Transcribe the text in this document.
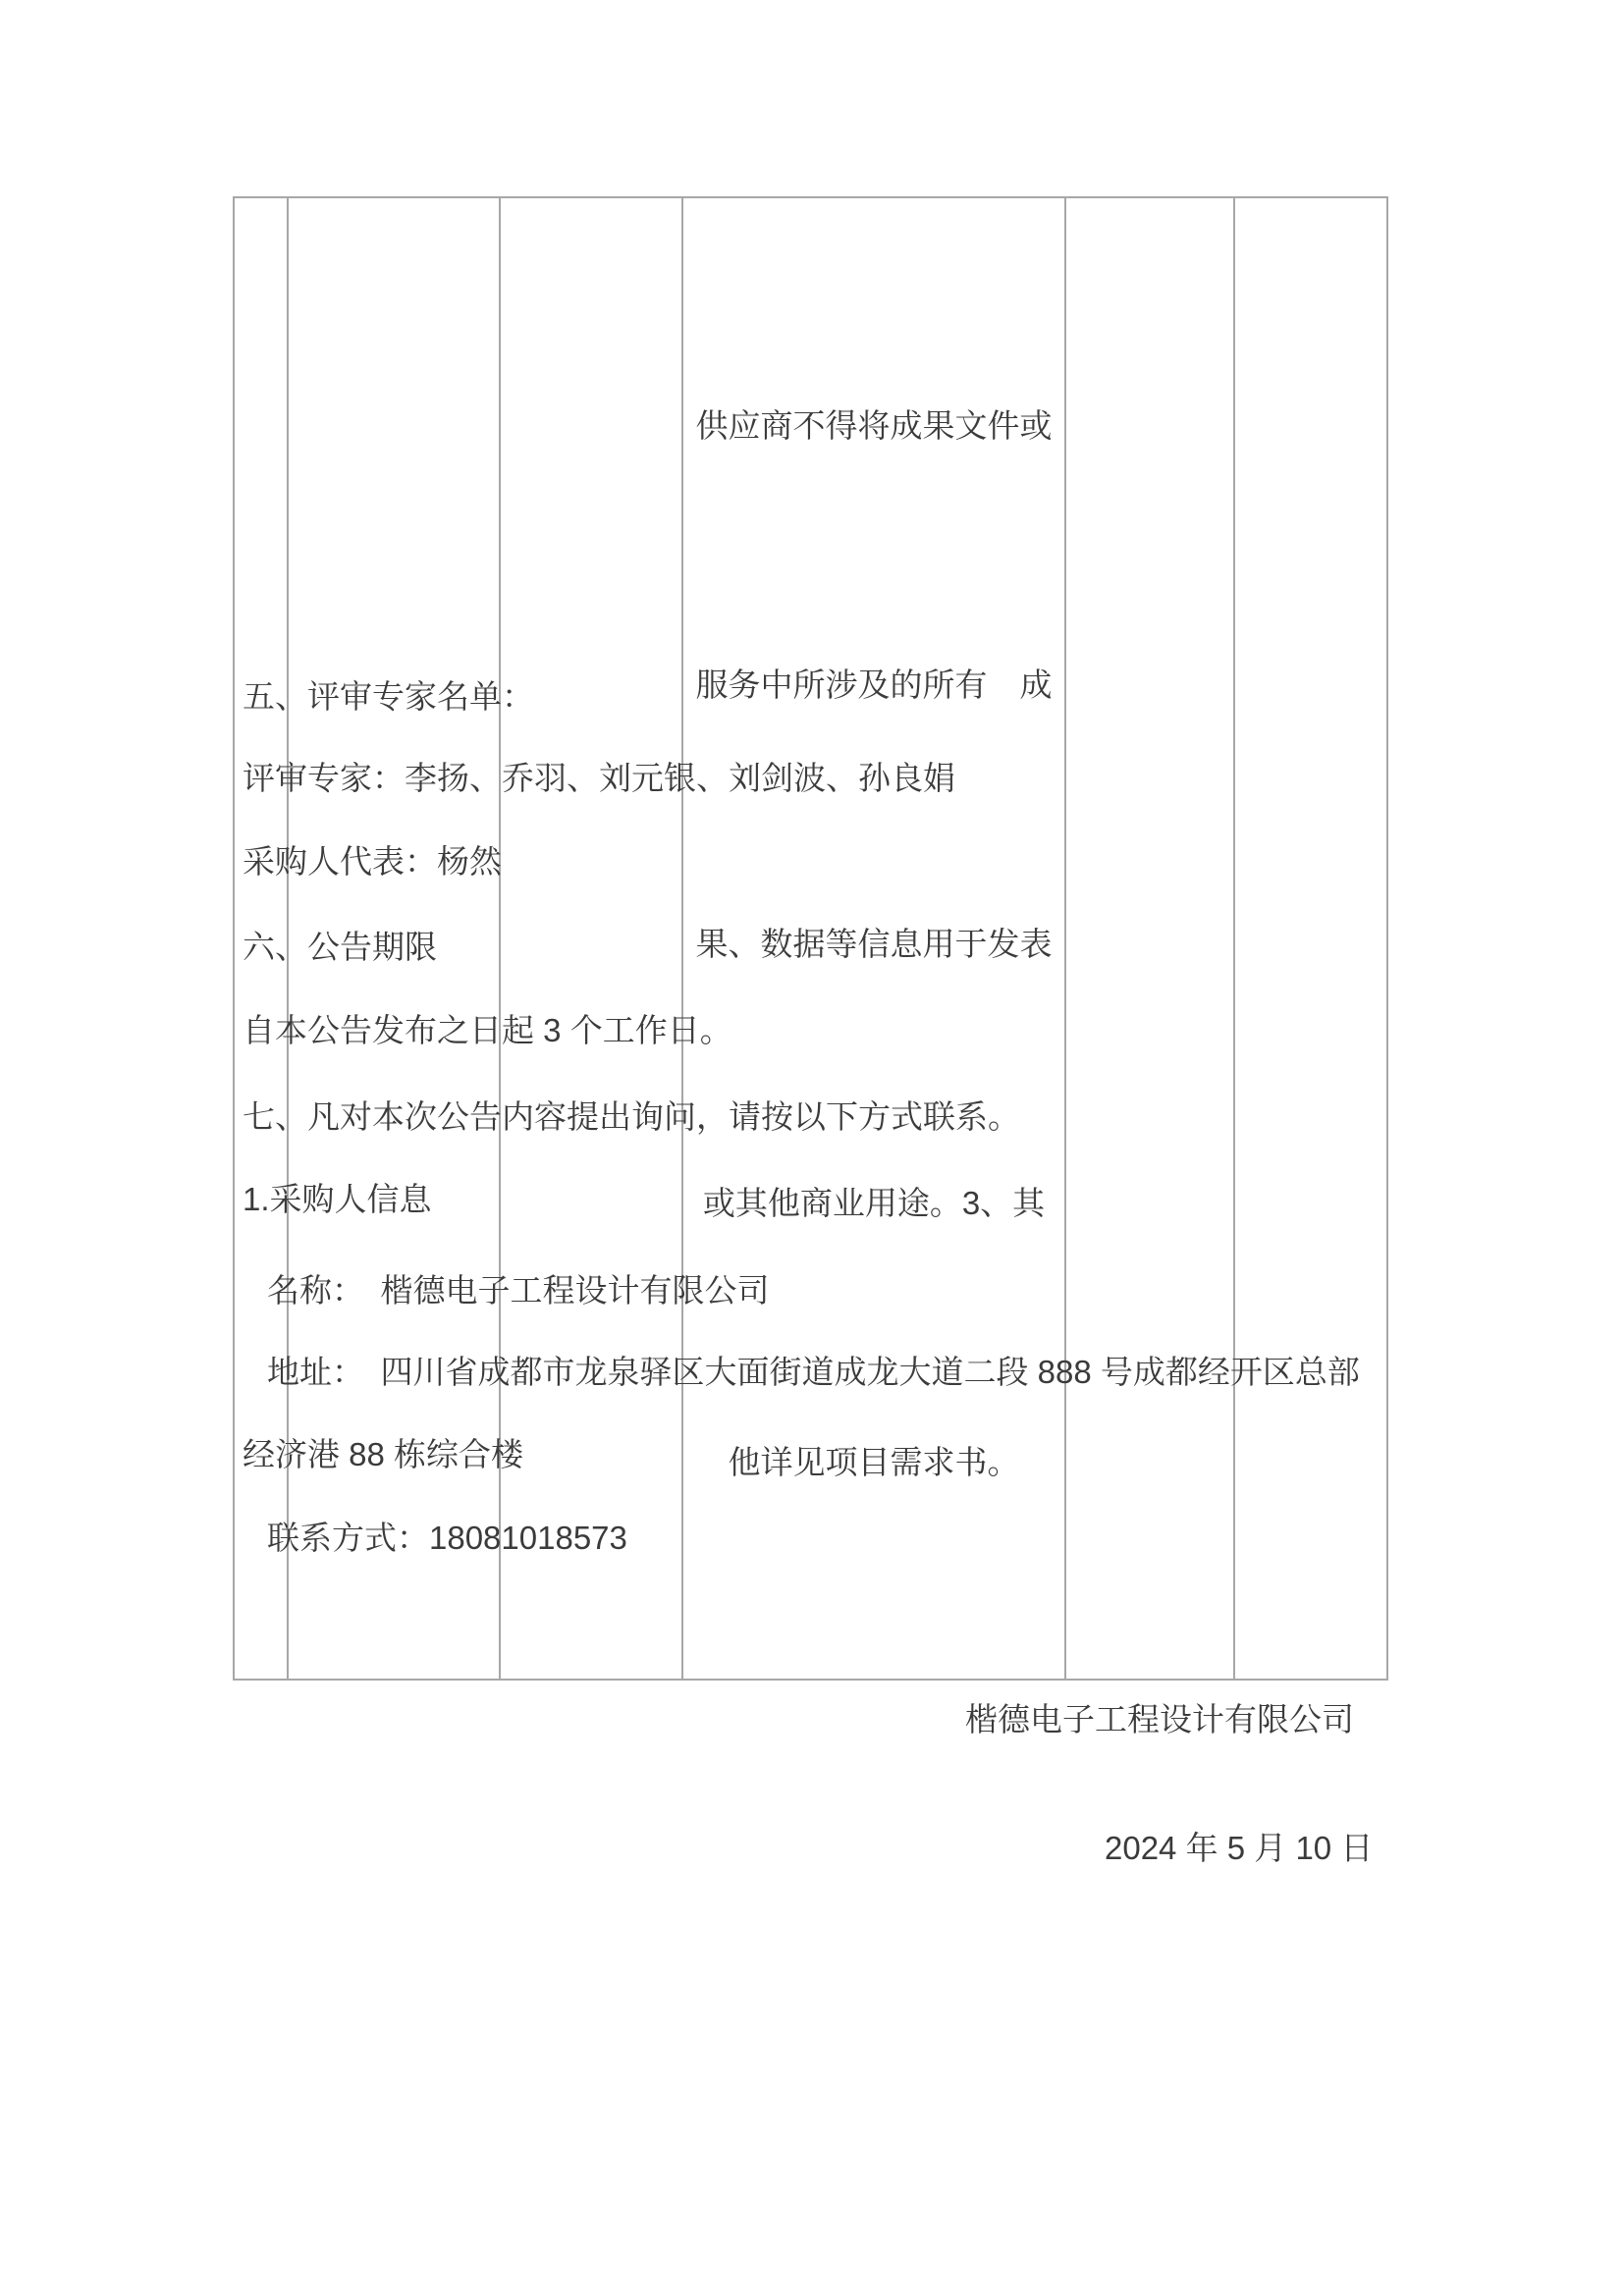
供应商不得将成果文件或

服务中所涉及的所有　成

果、数据等信息用于发表

或其他商业用途。3、其

他详见项目需求书。

五、评审专家名单：
评审专家：李扬、乔羽、刘元银、刘剑波、孙良娟
采购人代表：杨然
六、公告期限
自本公告发布之日起 3 个工作日。
七、凡对本次公告内容提出询问，请按以下方式联系。
1.采购人信息
名称：　楷德电子工程设计有限公司
地址：　四川省成都市龙泉驿区大面街道成龙大道二段 888 号成都经开区总部
经济港 88 栋综合楼
联系方式：18081018573
楷德电子工程设计有限公司
2024 年 5 月 10 日
